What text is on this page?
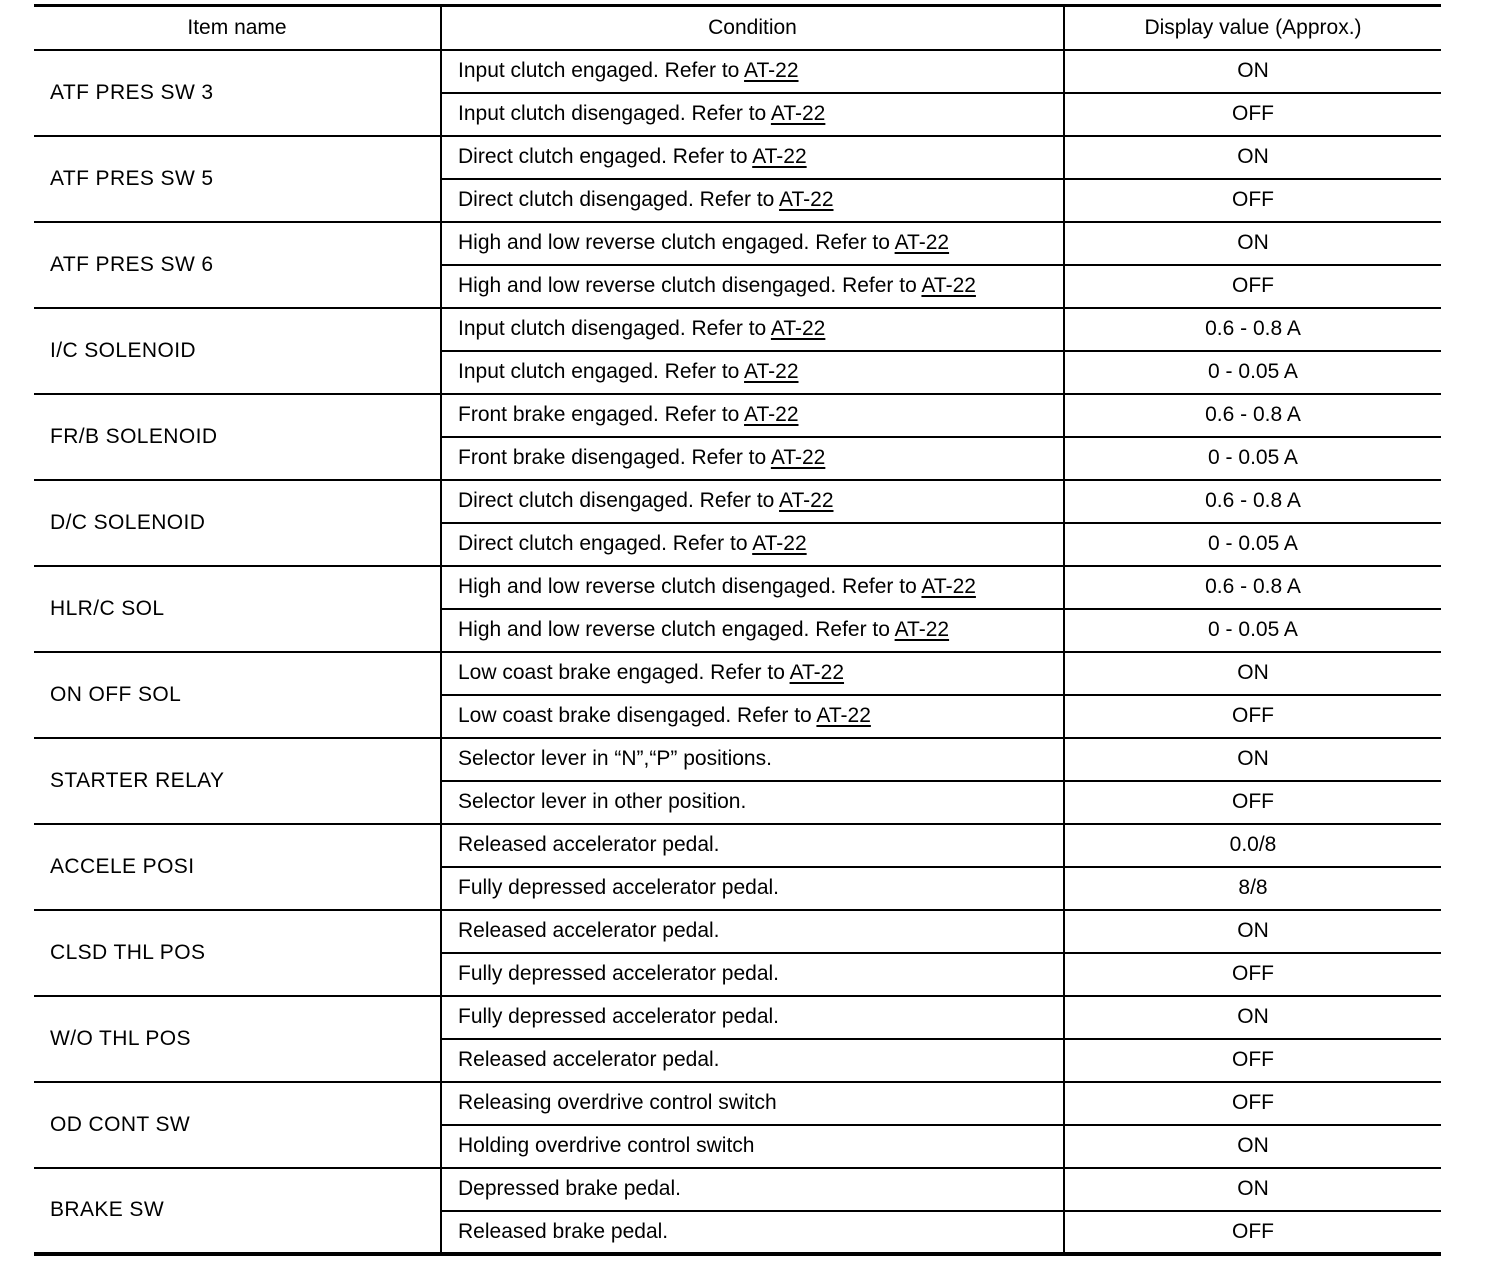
Item name	Condition	Display value (Approx.)
ATF PRES SW 3	Input clutch engaged. Refer to AT-22	ON
	Input clutch disengaged. Refer to AT-22	OFF
ATF PRES SW 5	Direct clutch engaged. Refer to AT-22	ON
	Direct clutch disengaged. Refer to AT-22	OFF
ATF PRES SW 6	High and low reverse clutch engaged. Refer to AT-22	ON
	High and low reverse clutch disengaged. Refer to AT-22	OFF
I/C SOLENOID	Input clutch disengaged. Refer to AT-22	0.6 - 0.8 A
	Input clutch engaged. Refer to AT-22	0 - 0.05 A
FR/B SOLENOID	Front brake engaged. Refer to AT-22	0.6 - 0.8 A
	Front brake disengaged. Refer to AT-22	0 - 0.05 A
D/C SOLENOID	Direct clutch disengaged. Refer to AT-22	0.6 - 0.8 A
	Direct clutch engaged. Refer to AT-22	0 - 0.05 A
HLR/C SOL	High and low reverse clutch disengaged. Refer to AT-22	0.6 - 0.8 A
	High and low reverse clutch engaged. Refer to AT-22	0 - 0.05 A
ON OFF SOL	Low coast brake engaged. Refer to AT-22	ON
	Low coast brake disengaged. Refer to AT-22	OFF
STARTER RELAY	Selector lever in “N”,“P” positions.	ON
	Selector lever in other position.	OFF
ACCELE POSI	Released accelerator pedal.	0.0/8
	Fully depressed accelerator pedal.	8/8
CLSD THL POS	Released accelerator pedal.	ON
	Fully depressed accelerator pedal.	OFF
W/O THL POS	Fully depressed accelerator pedal.	ON
	Released accelerator pedal.	OFF
OD CONT SW	Releasing overdrive control switch	OFF
	Holding overdrive control switch	ON
BRAKE SW	Depressed brake pedal.	ON
	Released brake pedal.	OFF
